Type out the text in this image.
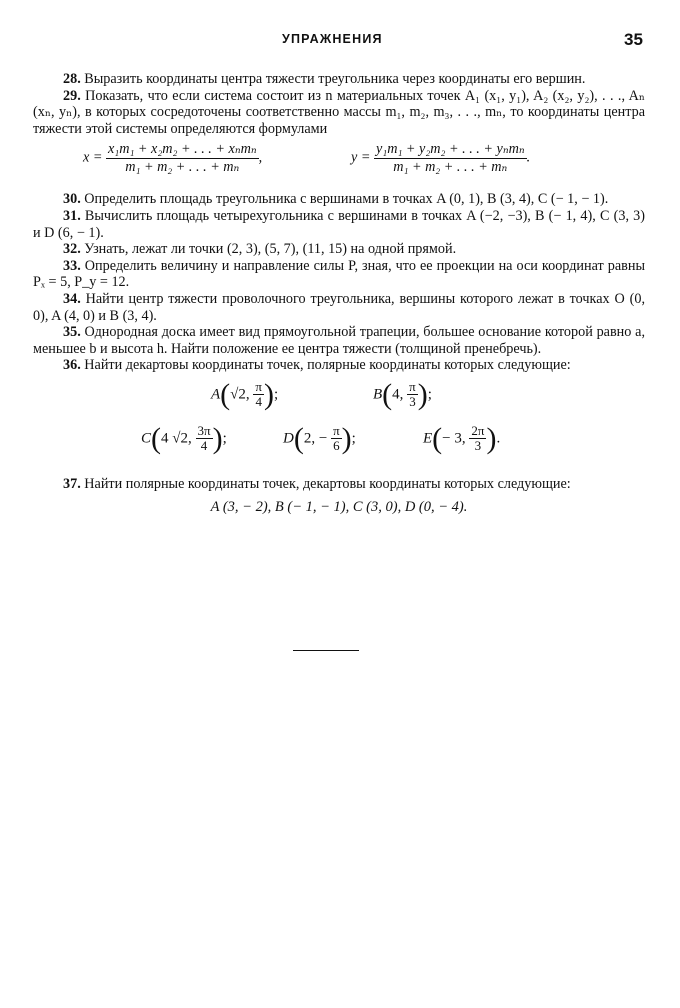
УПРАЖНЕНИЯ	35

28. Выразить координаты центра тяжести треугольника через координаты его вершин.

29. Показать, что если система состоит из n материальных точек A₁ (x₁, y₁), A₂ (x₂, y₂), . . ., Aₙ (xₙ, yₙ), в которых сосредоточены соответственно массы m₁, m₂, m₃, . . ., mₙ, то координаты центра тяжести этой системы определяются формулами

$x = \frac{\text{x₁m₁ + x₂m₂ + . . . + xₙmₙ}}{\text{m₁ + m₂ + . . . + mₙ}}$ ,	$y = \frac{\text{y₁m₁ + y₂m₂ + . . . + yₙmₙ}}{\text{m₁ + m₂ + . . . + mₙ}}$ .

30. Определить площадь треугольника с вершинами в точках A (0, 1), B (3, 4), C (− 1, − 1).

31. Вычислить площадь четырехугольника с вершинами в точках A (−2, −3), B (− 1, 4), C (3, 3) и D (6, − 1).

32. Узнать, лежат ли точки (2, 3), (5, 7), (11, 15) на одной прямой.

33. Определить величину и направление силы P, зная, что ее проекции на оси координат равны Pₓ = 5, P_y = 12.

34. Найти центр тяжести проволочного треугольника, вершины которого лежат в точках O (0, 0), A (4, 0) и B (3, 4).

35. Однородная доска имеет вид прямоугольной трапеции, большее основание которой равно a, меньшее b и высота h. Найти положение ее центра тяжести (толщиной пренебречь).

36. Найти декартовы координаты точек, полярные координаты которых следующие:

A(√2, $\frac{\pi}{4}$ );	B(4, $\frac{\pi}{3}$ );
C(4 √2, $\frac{3\pi}{4}$ );	D(2, − $\frac{\pi}{6}$ );	E(− 3, $\frac{2\pi}{3}$ ).

37. Найти полярные координаты точек, декартовы координаты которых следующие:

A (3, − 2), B (− 1, − 1), C (3, 0), D (0, − 4).
